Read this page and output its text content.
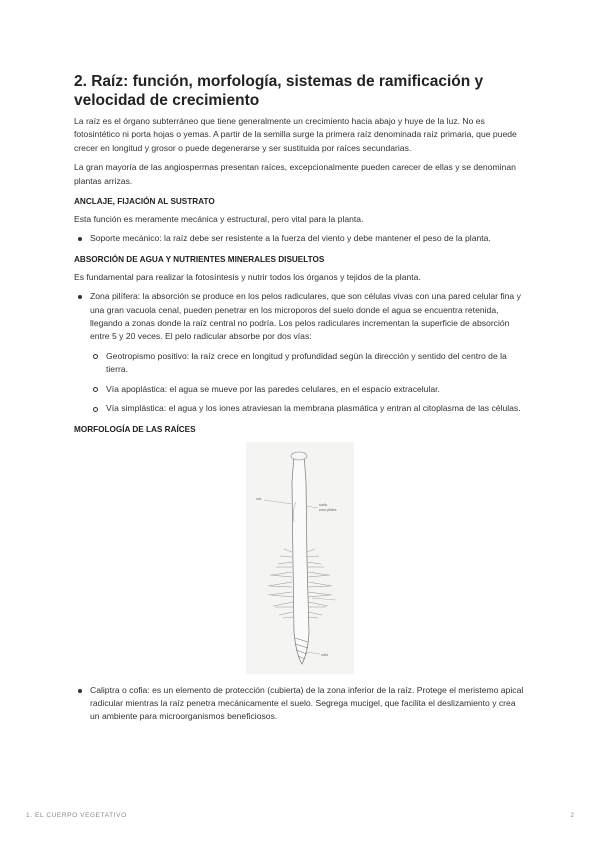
2. Raíz: función, morfología, sistemas de ramificación y velocidad de crecimiento

La raíz es el órgano subterráneo que tiene generalmente un crecimiento hacia abajo y huye de la luz. No es fotosintético ni porta hojas o yemas. A partir de la semilla surge la primera raíz denominada raíz primaria, que puede crecer en longitud y grosor o puede degenerarse y ser sustituida por raíces secundarias.

La gran mayoría de las angiospermas presentan raíces, excepcionalmente pueden carecer de ellas y se denominan plantas arrizas.

ANCLAJE, FIJACIÓN AL SUSTRATO

Esta función es meramente mecánica y estructural, pero vital para la planta.

Soporte mecánico: la raíz debe ser resistente a la fuerza del viento y debe mantener el peso de la planta.
ABSORCIÓN DE AGUA Y NUTRIENTES MINERALES DISUELTOS

Es fundamental para realizar la fotosíntesis y nutrir todos los órganos y tejidos de la planta.

Zona pilífera: la absorción se produce en los pelos radiculares, que son células vivas con una pared celular fina y una gran vacuola cenal, pueden penetrar en los microporos del suelo donde el agua se encuentra retenida, llegando a zonas donde la raíz central no podría. Los pelos radiculares incrementan la superficie de absorción entre 5 y 20 veces. El pelo radicular absorbe por dos vías:
Geotropismo positivo: la raíz crece en longitud y profundidad según la dirección y sentido del centro de la tierra.
Vía apoplástica: el agua se mueve por las paredes celulares, en el espacio extracelular.
Vía simplástica: el agua y los iones atraviesan la membrana plasmática y entran al citoplasma de las células.
MORFOLOGÍA DE LAS RAÍCES
raíz
cuello
zona pilífera
cofia
Caliptra o cofia: es un elemento de protección (cubierta) de la zona inferior de la raíz. Protege el meristemo apical radicular mientras la raíz penetra mecánicamente el suelo. Segrega mucigel, que facilita el deslizamiento y crea un ambiente para microorganismos beneficiosos.
1. EL CUERPO VEGETATIVO	2
